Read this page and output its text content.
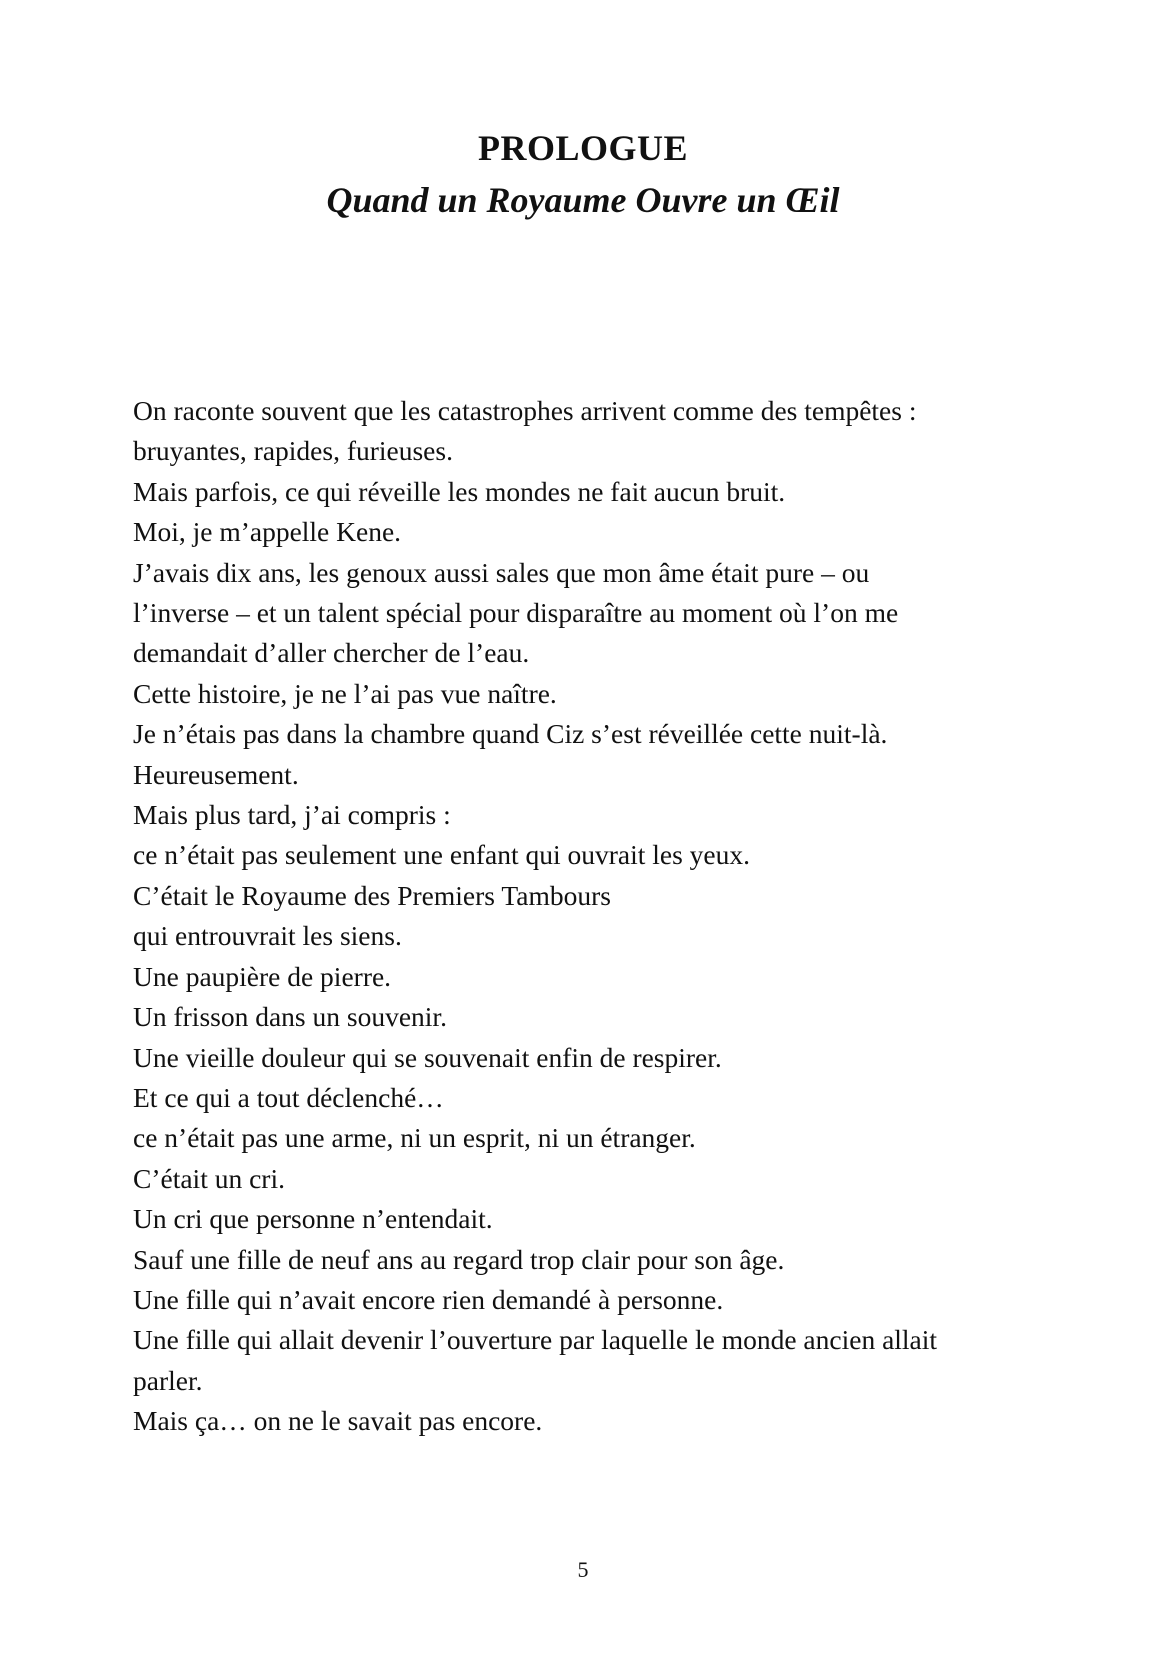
PROLOGUE
Quand un Royaume Ouvre un Œil
On raconte souvent que les catastrophes arrivent comme des tempêtes :
bruyantes, rapides, furieuses.
Mais parfois, ce qui réveille les mondes ne fait aucun bruit.
Moi, je m’appelle Kene.
J’avais dix ans, les genoux aussi sales que mon âme était pure – ou
l’inverse – et un talent spécial pour disparaître au moment où l’on me
demandait d’aller chercher de l’eau.
Cette histoire, je ne l’ai pas vue naître.
Je n’étais pas dans la chambre quand Ciz s’est réveillée cette nuit-là.
Heureusement.
Mais plus tard, j’ai compris :
ce n’était pas seulement une enfant qui ouvrait les yeux.
C’était le Royaume des Premiers Tambours
qui entrouvrait les siens.
Une paupière de pierre.
Un frisson dans un souvenir.
Une vieille douleur qui se souvenait enfin de respirer.
Et ce qui a tout déclenché…
ce n’était pas une arme, ni un esprit, ni un étranger.
C’était un cri.
Un cri que personne n’entendait.
Sauf une fille de neuf ans au regard trop clair pour son âge.
Une fille qui n’avait encore rien demandé à personne.
Une fille qui allait devenir l’ouverture par laquelle le monde ancien allait
parler.
Mais ça… on ne le savait pas encore.
5
